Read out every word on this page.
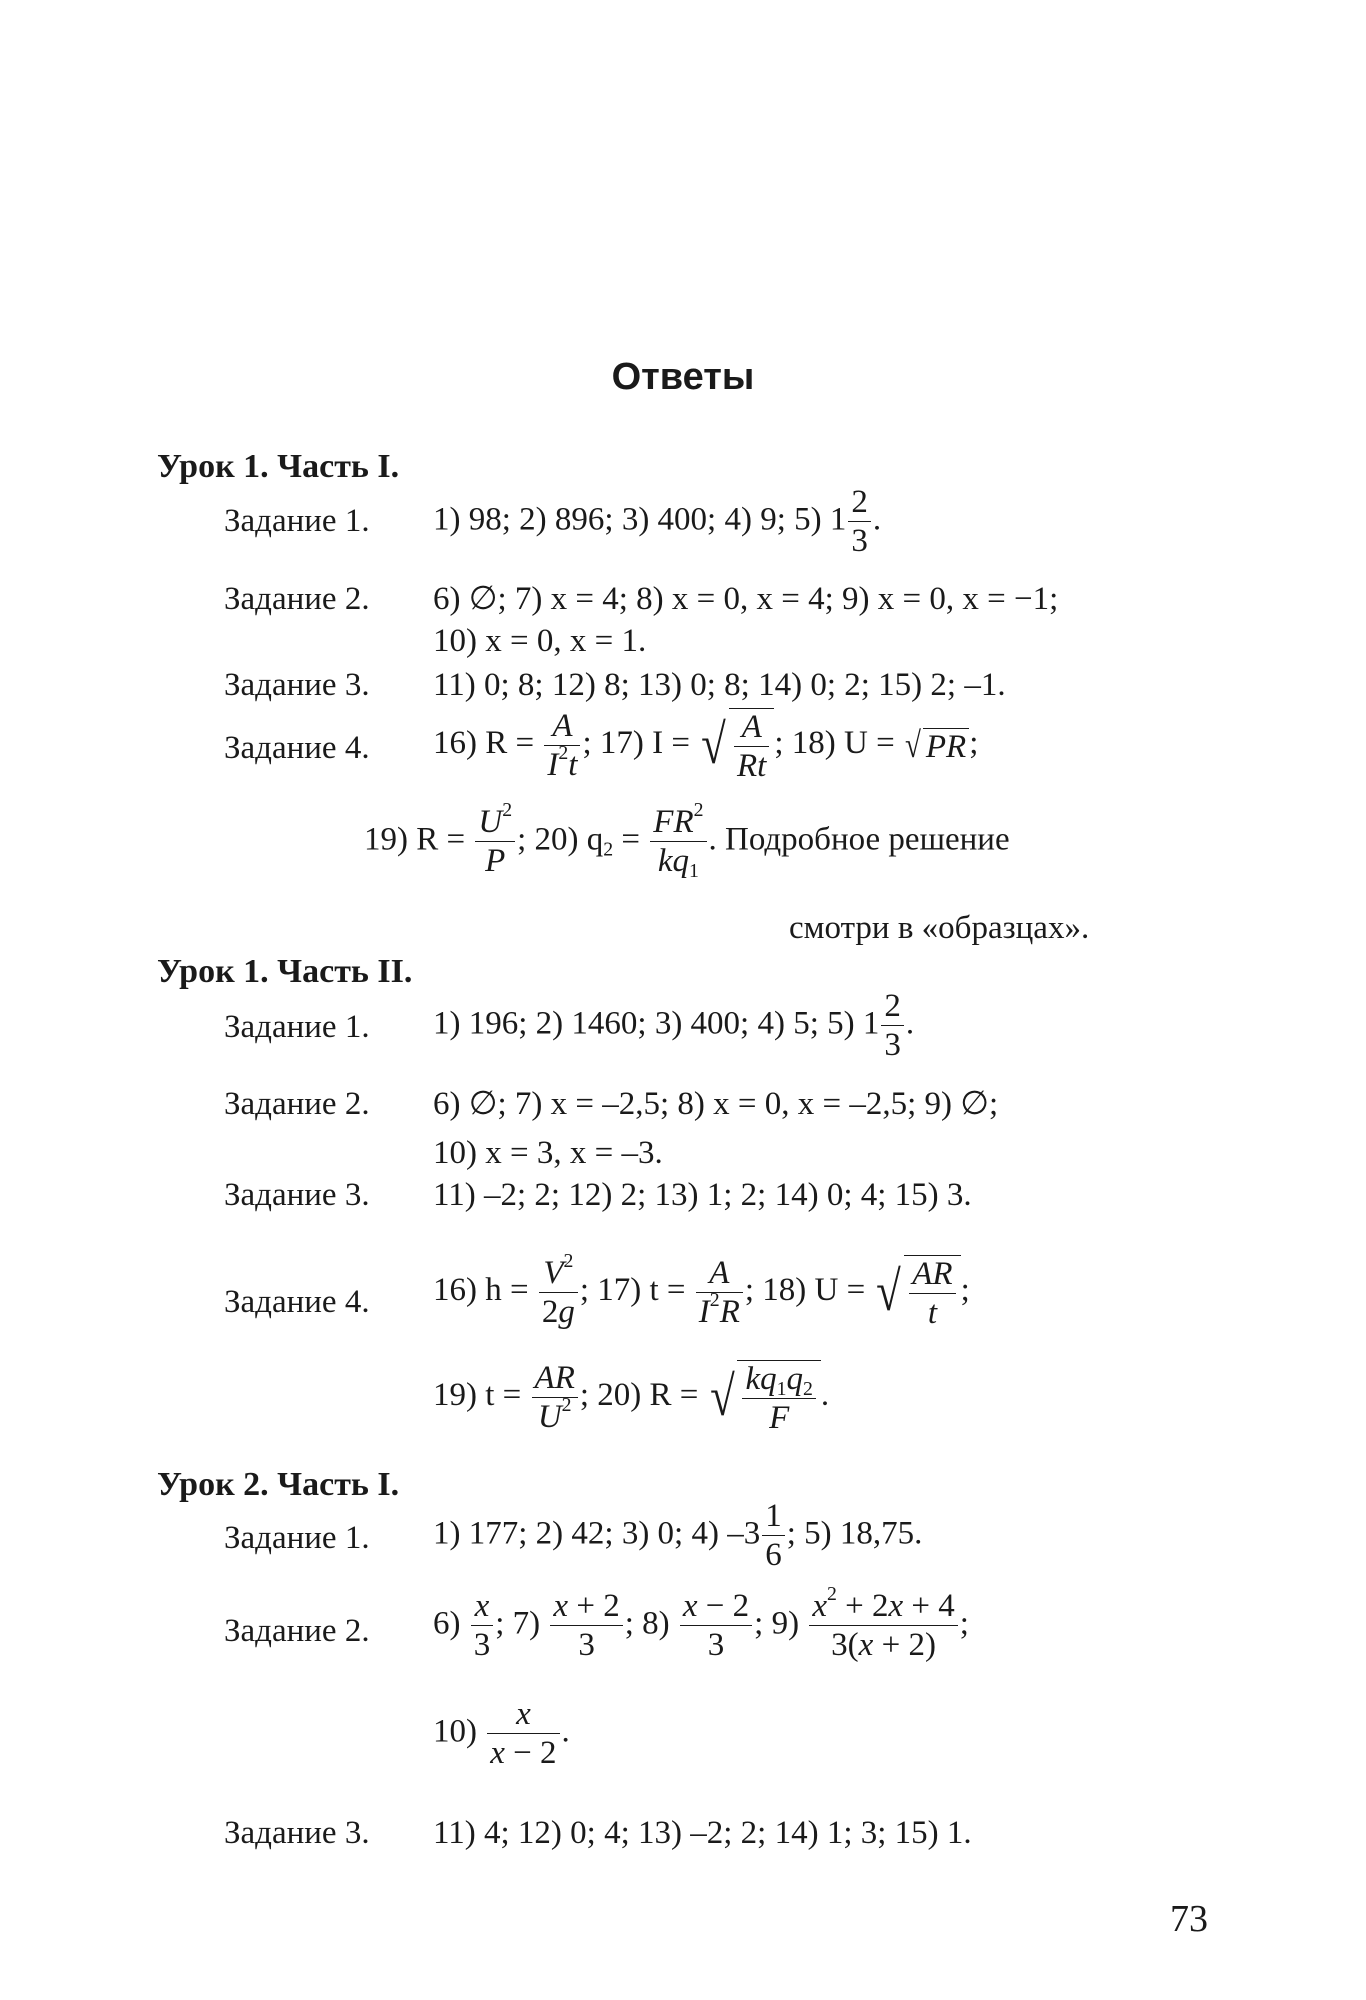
Ответы
Урок 1. Часть I.
Задание 1. 1) 98; 2) 896; 3) 400; 4) 9; 5) $1 \frac{2}{3}$ .
Задание 2. 6) ∅; 7) x = 4; 8) x = 0, x = 4; 9) x = 0, x = −1;
10) x = 0, x = 1.
Задание 3. 11) 0; 8; 12) 8; 13) 0; 8; 14) 0; 2; 15) 2; –1.
Задание 4. 16) $R = \frac{A}{I^2t}$ ; 17) I = √ $\frac{A}{Rt}$ ; 18) U = √ PR;
19) $R = \frac{U^2}{P}$ ; 20) $q_2 = \frac{FR^2}{kq_1}$ . Подробное решение
смотри в «образцах».
Урок 1. Часть II.
Задание 1. 1) 196; 2) 1460; 3) 400; 4) 5; 5) $1 \frac{2}{3}$ .
Задание 2. 6) ∅; 7) x = –2,5; 8) x = 0, x = –2,5; 9) ∅;
10) x = 3, x = –3.
Задание 3. 11) –2; 2; 12) 2; 13) 1; 2; 14) 0; 4; 15) 3.
Задание 4. 16) $h = \frac{V^2}{2g}$ ; 17) $t = \frac{A}{I^2R}$ ; 18) U = √ $\frac{AR}{t}$ ;
19) $t = \frac{AR}{U^2}$ ; 20) R = √ $\frac{kq_1q_2}{F}$ .
Урок 2. Часть I.
Задание 1. 1) 177; 2) 42; 3) 0; 4) $-3 \frac{1}{6}$ ; 5) 18,75.
Задание 2. $6) \frac{x}{3}$ ; $7) \frac{x + 2}{3}$ ; $8) \frac{x - 2}{3}$ ; $9) \frac{x^2 + 2x + 4}{3(x + 2)}$ ;
$10) \frac{x}{x - 2}$ .
Задание 3. 11) 4; 12) 0; 4; 13) –2; 2; 14) 1; 3; 15) 1.
73
